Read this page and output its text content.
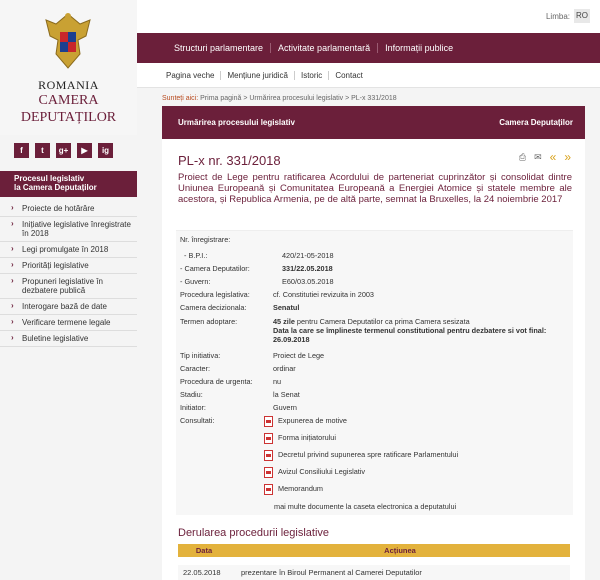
ROMANIA
CAMERA
DEPUTAȚILOR
f	t	g+	▶	ig
Procesul legislativ
la Camera Deputaților
› Proiecte de hotărâre
› Inițiative legislative înregistrate în 2018
› Legi promulgate în 2018
› Priorități legislative
› Propuneri legislative în dezbatere publică
› Interogare bază de date
› Verificare termene legale
› Buletine legislative
Limba: RO
Structuri parlamentare	Activitate parlamentară	Informații publice
Pagina veche	Mențiune juridică	Istoric	Contact
Sunteți aici: Prima pagină > Urmărirea procesului legislativ > PL-x 331/2018
Urmărirea procesului legislativ	Camera Deputaților
PL-x nr. 331/2018	⎙ ✉ « »
Proiect de Lege pentru ratificarea Acordului de parteneriat cuprinzător și consolidat dintre Uniunea Europeană și Comunitatea Europeană a Energiei Atomice și statele membre ale acestora, și Republica Armenia, pe de altă parte, semnat la Bruxelles, la 24 noiembrie 2017
Nr. înregistrare:
- B.P.I.:	420/21-05-2018
- Camera Deputatilor:	331/22.05.2018
- Guvern:	E60/03.05.2018
Procedura legislativa:	cf. Constitutiei revizuita in 2003
Camera decizionala:	Senatul
Termen adoptare:	45 zile pentru Camera Deputatilor ca prima Camera sesizata
Data la care se împlineste termenul constitutional pentru dezbatere si vot final:
26.09.2018
Tip initiativa:	Proiect de Lege
Caracter:	ordinar
Procedura de urgenta:	nu
Stadiu:	la Senat
Initiator:	Guvern
Consultati:	Expunerea de motive
Forma inițiatorului
Decretul privind supunerea spre ratificare Parlamentului
Avizul Consiliului Legislativ
Memorandum
mai multe documente la caseta electronica a deputatului
Derularea procedurii legislative
Data	Acțiunea
22.05.2018	prezentare în Biroul Permanent al Camerei Deputatilor
